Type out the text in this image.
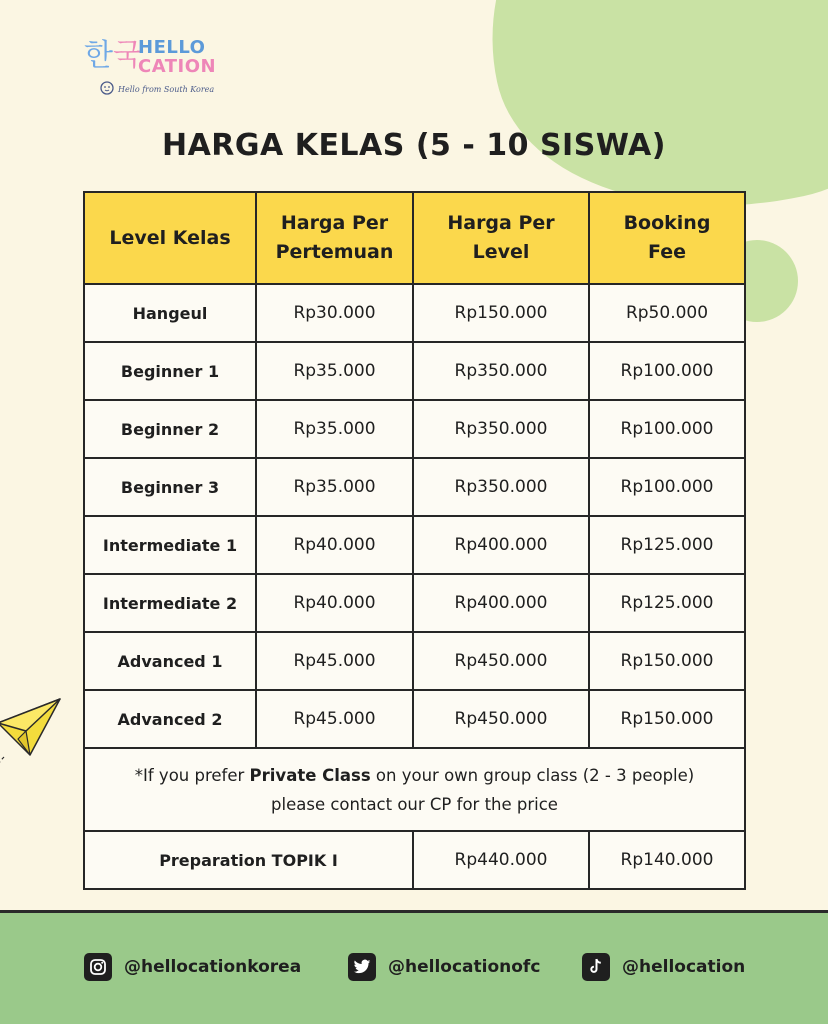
한국
HELLO
CATION
Hello from South Korea
HARGA KELAS (5 - 10 SISWA)
Level Kelas	Harga Per Pertemuan	Harga Per Level	Booking Fee
Hangeul	Rp30.000	Rp150.000	Rp50.000
Beginner 1	Rp35.000	Rp350.000	Rp100.000
Beginner 2	Rp35.000	Rp350.000	Rp100.000
Beginner 3	Rp35.000	Rp350.000	Rp100.000
Intermediate 1	Rp40.000	Rp400.000	Rp125.000
Intermediate 2	Rp40.000	Rp400.000	Rp125.000
Advanced 1	Rp45.000	Rp450.000	Rp150.000
Advanced 2	Rp45.000	Rp450.000	Rp150.000
*If you prefer Private Class on your own group class (2 - 3 people)
please contact our CP for the price			
Preparation TOPIK I		Rp440.000	Rp140.000
@hellocationkorea	@hellocationofc	@hellocation
